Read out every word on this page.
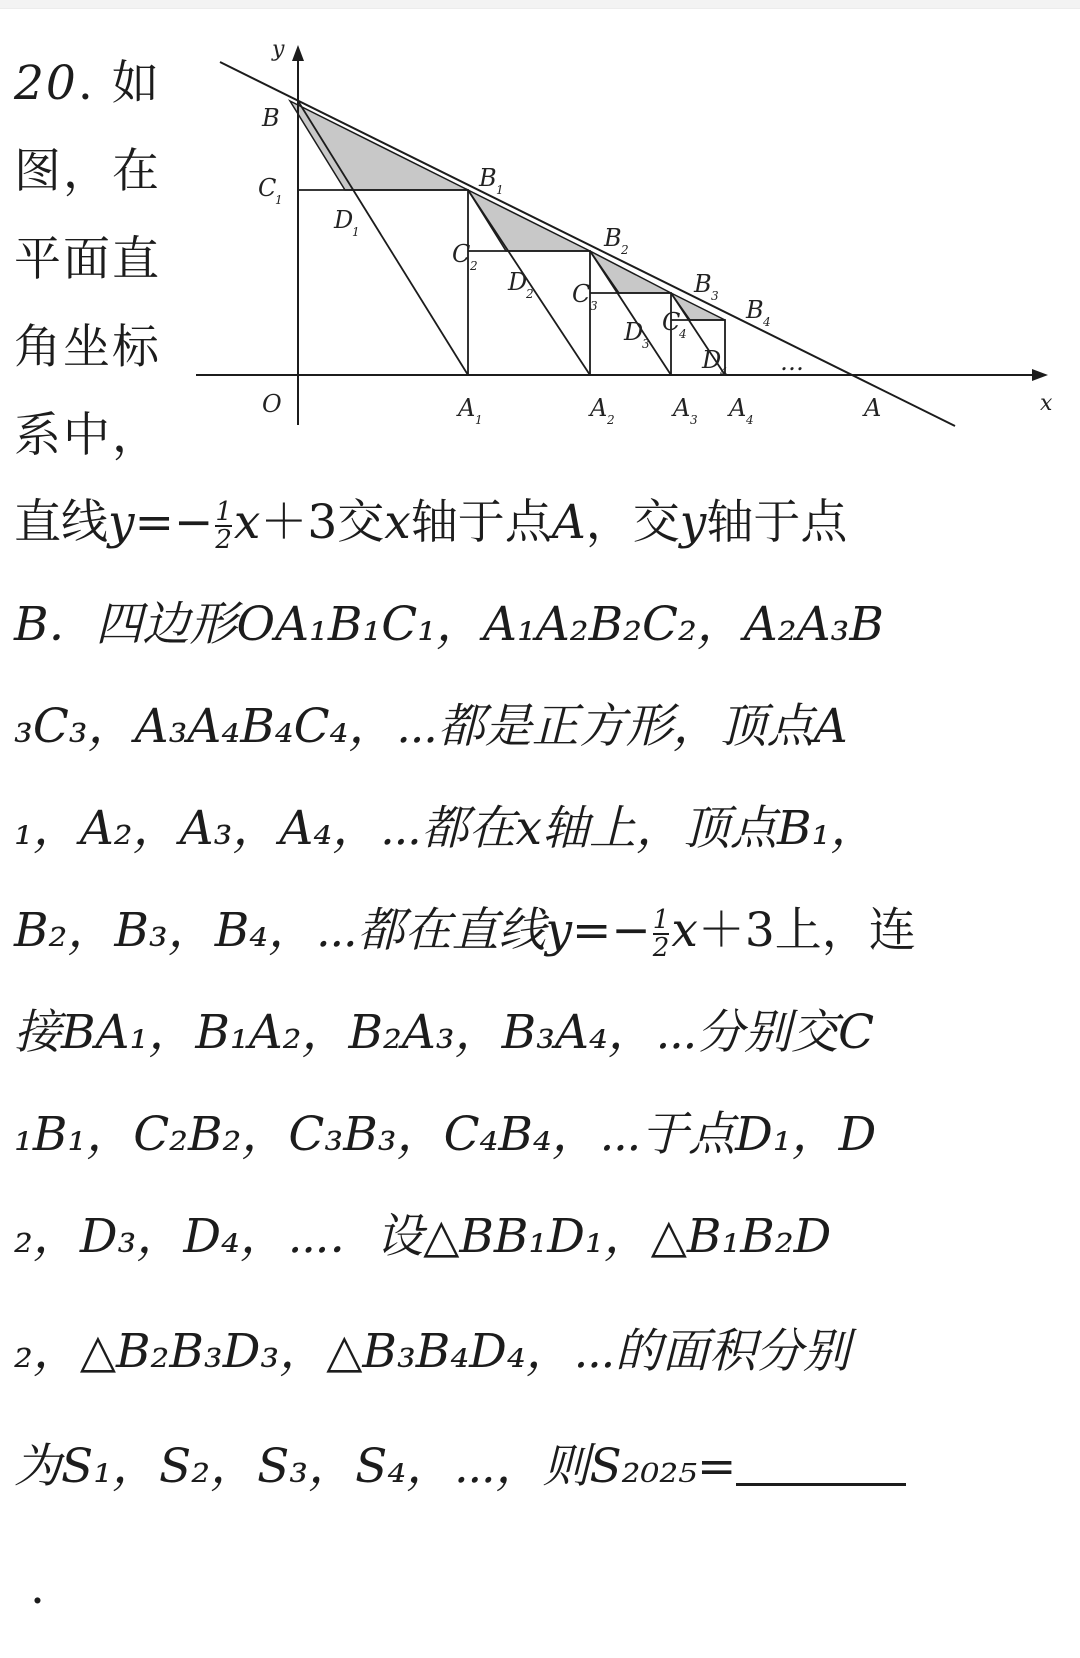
20. 如
图，在
平面直
角坐标
系中，
y
x
O
B
C
1
D
1
B 1
C 2
B 2
D
2 C 3
B 3
D
3
C
4
B 4
D
4
A 1	A 2 A 3 A 4	A
…
直线$y=- \frac{1}{2} x+3$交x轴于点A，交y轴于点
B．四边形OA₁B₁C₁，A₁A₂B₂C₂，A₂A₃B
₃C₃，A₃A₄B₄C₄，⋯都是正方形，顶点A
₁，A₂，A₃，A₄，⋯都在x轴上，顶点B₁，
B₂，B₃，B₄，⋯都在直线$y=- \frac{1}{2} x+3$上，连
接BA₁，B₁A₂，B₂A₃，B₃A₄，⋯分别交C
₁B₁，C₂B₂，C₃B₃，C₄B₄，⋯于点D₁，D
₂，D₃，D₄，⋯．设△BB₁D₁，△B₁B₂D
₂，△B₂B₃D₃，△B₃B₄D₄，⋯的面积分别
为S₁，S₂，S₃，S₄，⋯，则S₂₀₂₅=
.
